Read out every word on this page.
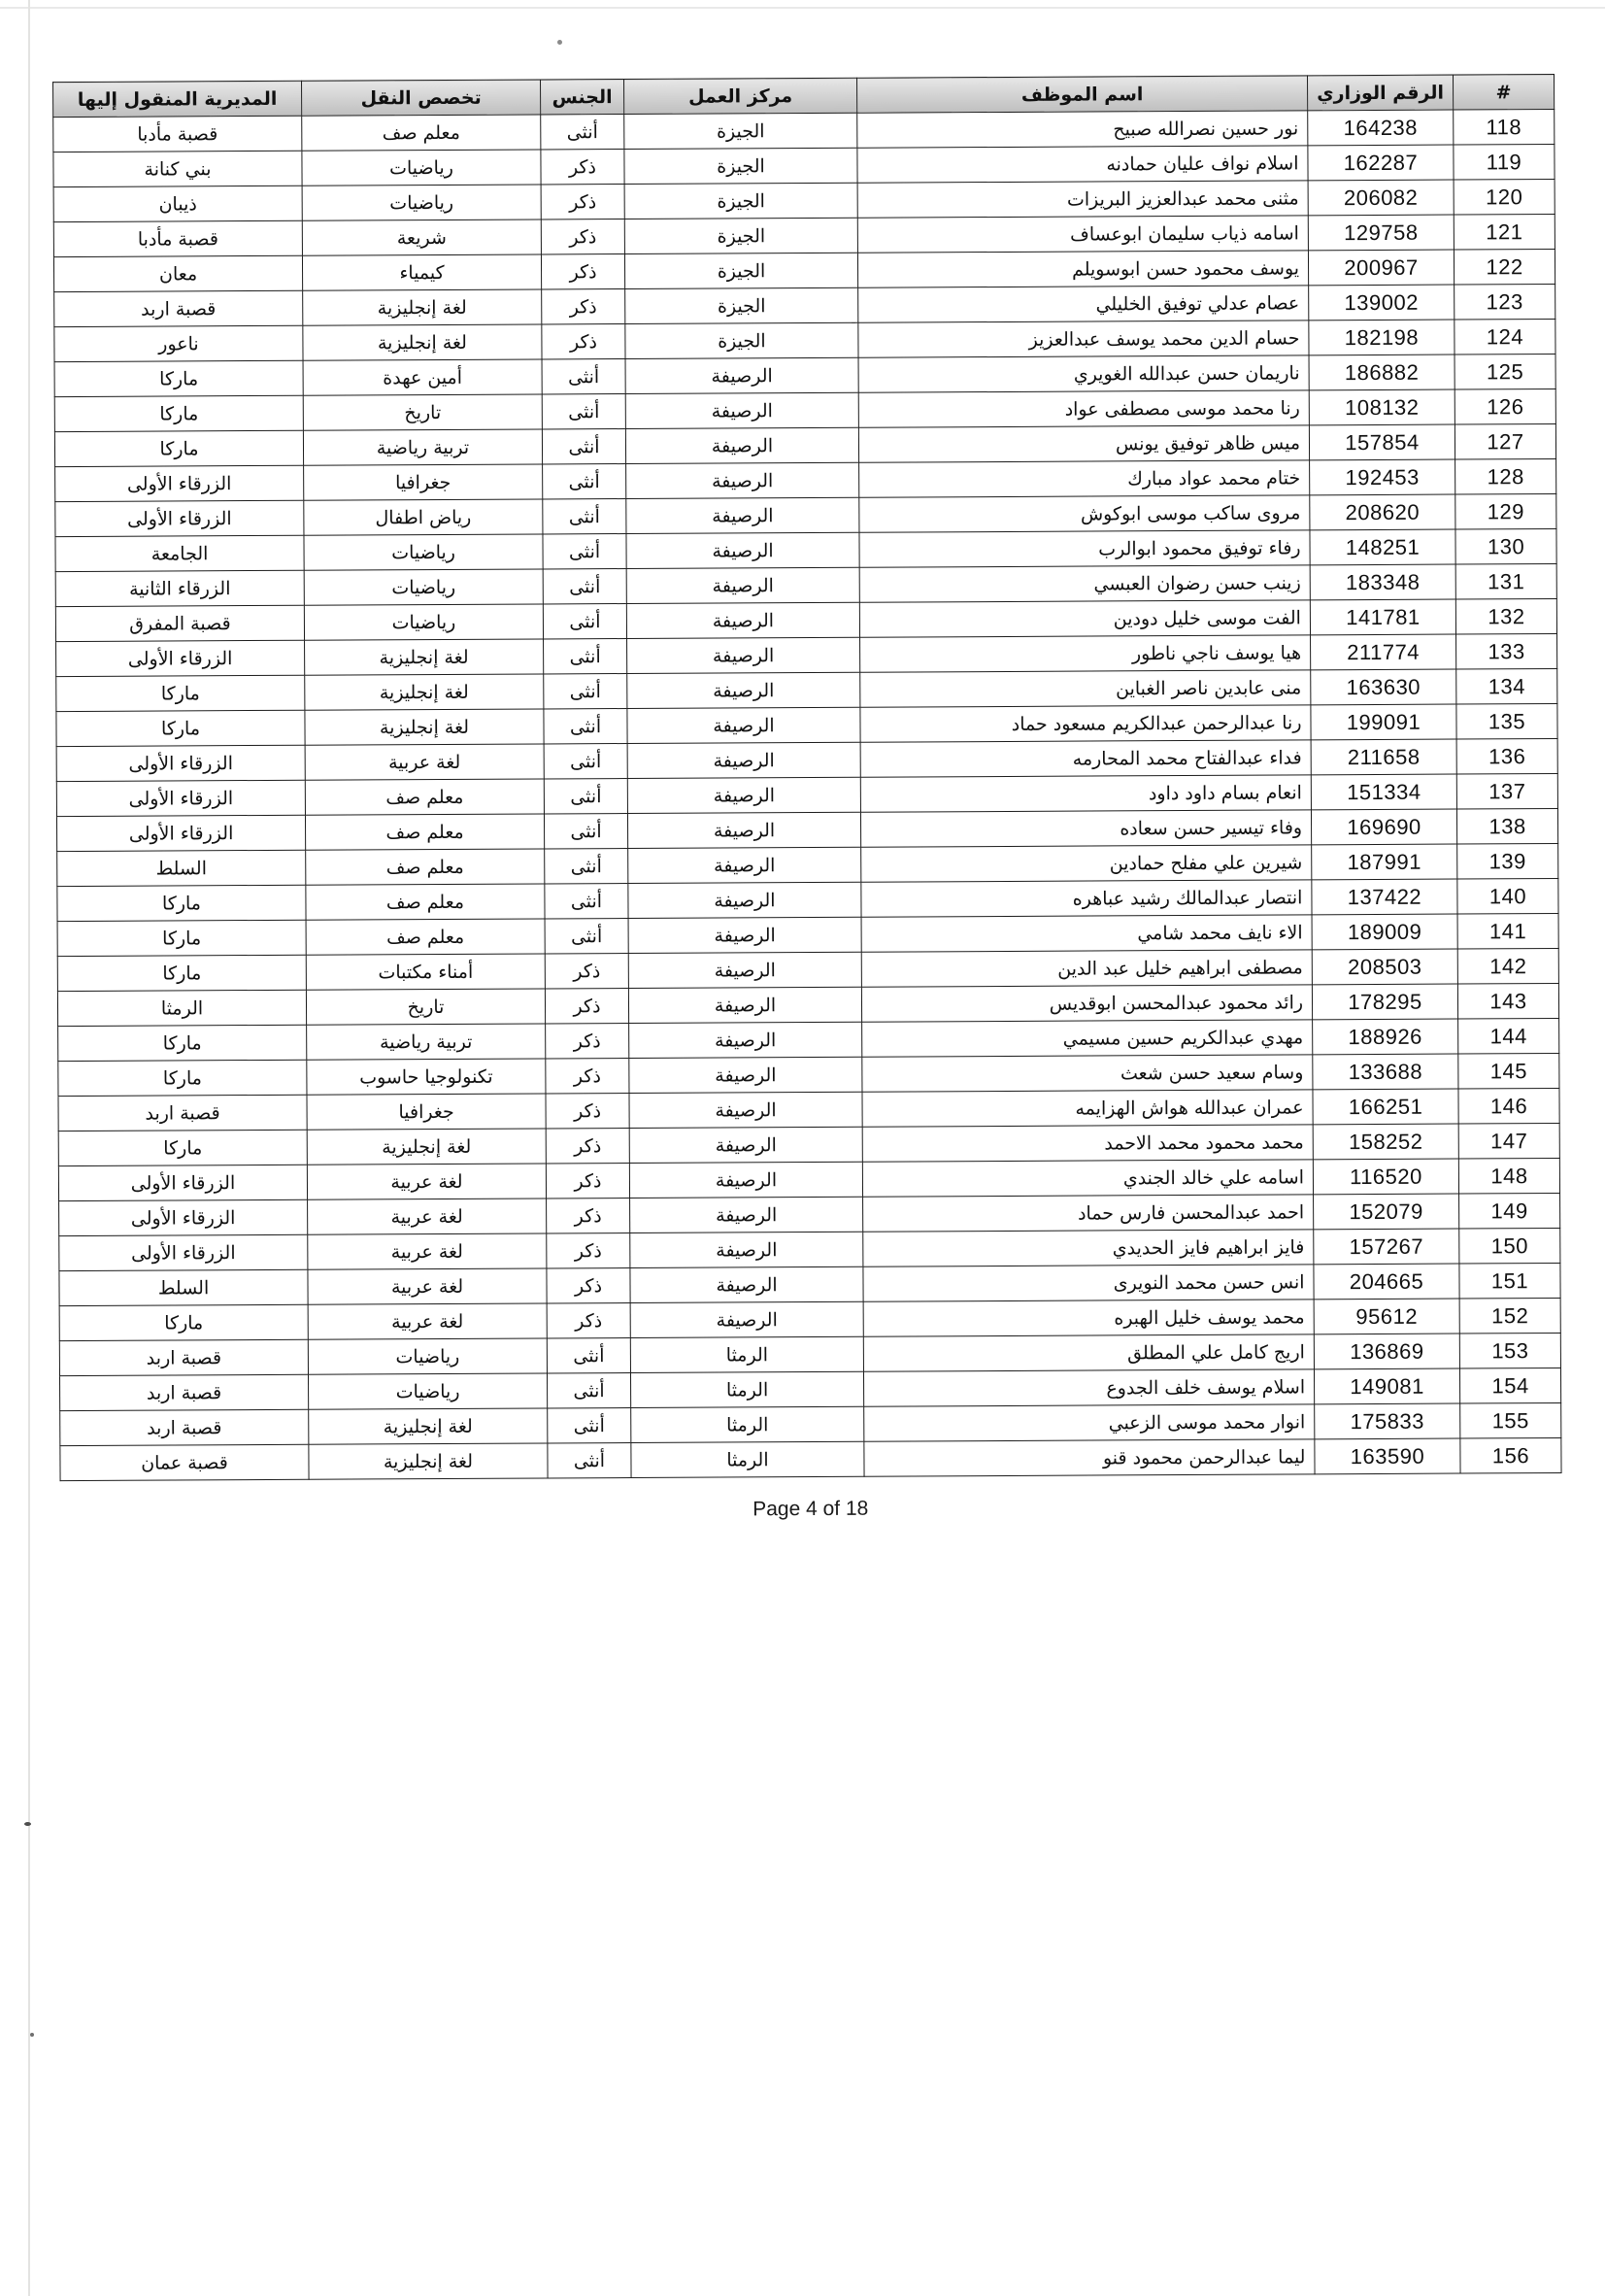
#	الرقم الوزاري	اسم الموظف	مركز العمل	الجنس	تخصص النقل	المديرية المنقول إليها
118	164238	نور حسين نصرالله صبيح	الجيزة	أنثى	معلم صف	قصبة مأدبا
119	162287	اسلام نواف عليان حمادنه	الجيزة	ذكر	رياضيات	بني كنانة
120	206082	مثنى محمد عبدالعزيز البريزات	الجيزة	ذكر	رياضيات	ذيبان
121	129758	اسامه ذياب سليمان ابوعساف	الجيزة	ذكر	شريعة	قصبة مأدبا
122	200967	يوسف محمود حسن ابوسويلم	الجيزة	ذكر	كيمياء	معان
123	139002	عصام عدلي توفيق الخليلي	الجيزة	ذكر	لغة إنجليزية	قصبة اربد
124	182198	حسام الدين محمد يوسف عبدالعزيز	الجيزة	ذكر	لغة إنجليزية	ناعور
125	186882	ناريمان حسن عبدالله الغويري	الرصيفة	أنثى	أمين عهدة	ماركا
126	108132	رنا محمد موسى مصطفى عواد	الرصيفة	أنثى	تاريخ	ماركا
127	157854	ميس ظاهر توفيق يونس	الرصيفة	أنثى	تربية رياضية	ماركا
128	192453	ختام محمد عواد مبارك	الرصيفة	أنثى	جغرافيا	الزرقاء الأولى
129	208620	مروى ساكب موسى ابوكوش	الرصيفة	أنثى	رياض اطفال	الزرقاء الأولى
130	148251	رفاء توفيق محمود ابوالرب	الرصيفة	أنثى	رياضيات	الجامعة
131	183348	زينب حسن رضوان العبسي	الرصيفة	أنثى	رياضيات	الزرقاء الثانية
132	141781	الفت موسى خليل دودين	الرصيفة	أنثى	رياضيات	قصبة المفرق
133	211774	هيا يوسف ناجي ناطور	الرصيفة	أنثى	لغة إنجليزية	الزرقاء الأولى
134	163630	منى عابدين ناصر الغباين	الرصيفة	أنثى	لغة إنجليزية	ماركا
135	199091	رنا عبدالرحمن عبدالكريم مسعود حماد	الرصيفة	أنثى	لغة إنجليزية	ماركا
136	211658	فداء عبدالفتاح محمد المحارمه	الرصيفة	أنثى	لغة عربية	الزرقاء الأولى
137	151334	انعام بسام داود داود	الرصيفة	أنثى	معلم صف	الزرقاء الأولى
138	169690	وفاء تيسير حسن سعاده	الرصيفة	أنثى	معلم صف	الزرقاء الأولى
139	187991	شيرين علي مفلح حمادين	الرصيفة	أنثى	معلم صف	السلط
140	137422	انتصار عبدالمالك رشيد عباهره	الرصيفة	أنثى	معلم صف	ماركا
141	189009	الاء نايف محمد شامي	الرصيفة	أنثى	معلم صف	ماركا
142	208503	مصطفى ابراهيم خليل عبد الدين	الرصيفة	ذكر	أمناء مكتبات	ماركا
143	178295	رائد محمود عبدالمحسن ابوقديس	الرصيفة	ذكر	تاريخ	الرمثا
144	188926	مهدي عبدالكريم حسين مسيمي	الرصيفة	ذكر	تربية رياضية	ماركا
145	133688	وسام سعيد حسن شعث	الرصيفة	ذكر	تكنولوجيا حاسوب	ماركا
146	166251	عمران عبدالله هواش الهزايمه	الرصيفة	ذكر	جغرافيا	قصبة اربد
147	158252	محمد محمود محمد الاحمد	الرصيفة	ذكر	لغة إنجليزية	ماركا
148	116520	اسامه علي خالد الجندي	الرصيفة	ذكر	لغة عربية	الزرقاء الأولى
149	152079	احمد عبدالمحسن فارس حماد	الرصيفة	ذكر	لغة عربية	الزرقاء الأولى
150	157267	فايز ابراهيم فايز الحديدي	الرصيفة	ذكر	لغة عربية	الزرقاء الأولى
151	204665	انس حسن محمد النويرى	الرصيفة	ذكر	لغة عربية	السلط
152	95612	محمد يوسف خليل الهبره	الرصيفة	ذكر	لغة عربية	ماركا
153	136869	اريج كامل علي المطلق	الرمثا	أنثى	رياضيات	قصبة اربد
154	149081	اسلام يوسف خلف الجدوع	الرمثا	أنثى	رياضيات	قصبة اربد
155	175833	انوار محمد موسى الزعبي	الرمثا	أنثى	لغة إنجليزية	قصبة اربد
156	163590	ليما عبدالرحمن محمود قنو	الرمثا	أنثى	لغة إنجليزية	قصبة عمان
Page 4 of 18
